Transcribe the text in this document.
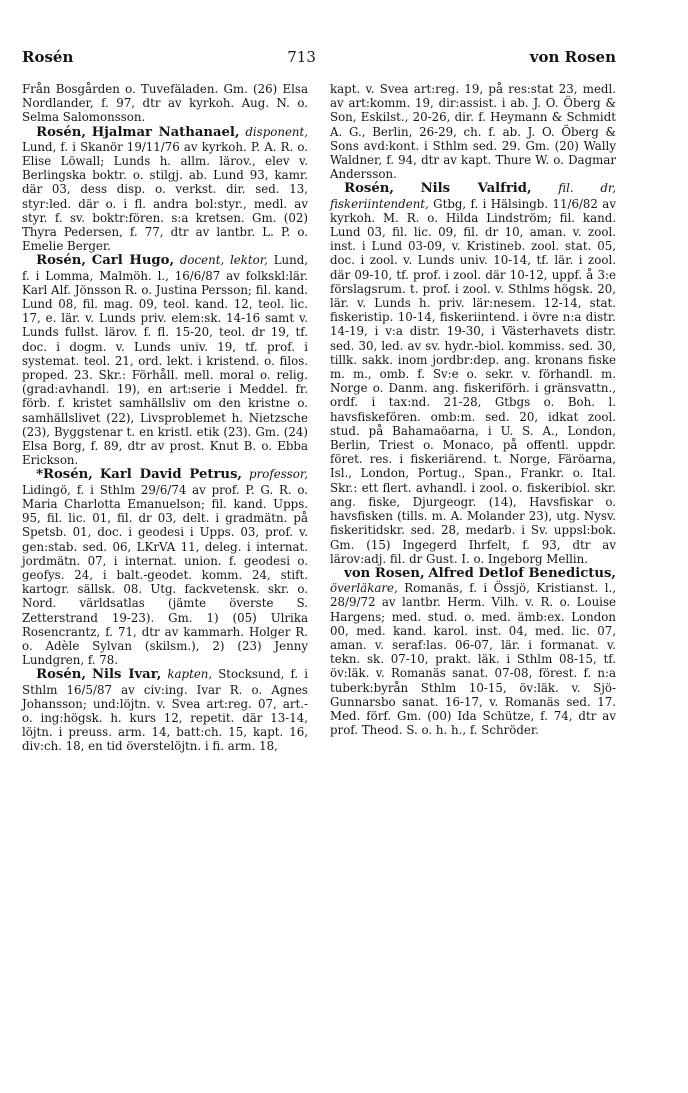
Rosén	713	von Rosen

Från Bosgården o. Tuvefäladen. Gm. (26) Elsa Nordlander, f. 97, dtr av kyrkoh. Aug. N. o. Selma Salomonsson.

Rosén, Hjalmar Nathanael, disponent, Lund, f. i Skanör 19/11/76 av kyrkoh. P. A. R. o. Elise Löwall; Lunds h. allm. lärov., elev v. Berlingska boktr. o. stilgj. ab. Lund 93, kamr. där 03, dess disp. o. verkst. dir. sed. 13, styr:led. där o. i fl. andra bol:styr., medl. av styr. f. sv. boktr:fören. s:a kretsen. Gm. (02) Thyra Pedersen, f. 77, dtr av lantbr. L. P. o. Emelie Berger.

Rosén, Carl Hugo, docent, lektor, Lund, f. i Lomma, Malmöh. l., 16/6/87 av folkskl:lär. Karl Alf. Jönsson R. o. Justina Persson; fil. kand. Lund 08, fil. mag. 09, teol. kand. 12, teol. lic. 17, e. lär. v. Lunds priv. elem:sk. 14-16 samt v. Lunds fullst. lärov. f. fl. 15-20, teol. dr 19, tf. doc. i dogm. v. Lunds univ. 19, tf. prof. i systemat. teol. 21, ord. lekt. i kristend. o. filos. proped. 23. Skr.: Förhåll. mell. moral o. relig. (grad:avhandl. 19), en art:serie i Meddel. fr. förb. f. kristet samhällsliv om den kristne o. samhällslivet (22), Livsproblemet h. Nietzsche (23), Byggstenar t. en kristl. etik (23). Gm. (24) Elsa Borg, f. 89, dtr av prost. Knut B. o. Ebba Erickson.

*Rosén, Karl David Petrus, professor, Lidingö, f. i Sthlm 29/6/74 av prof. P. G. R. o. Maria Charlotta Emanuelson; fil. kand. Upps. 95, fil. lic. 01, fil. dr 03, delt. i gradmätn. på Spetsb. 01, doc. i geodesi i Upps. 03, prof. v. gen:stab. sed. 06, LKrVA 11, deleg. i internat. jordmätn. 07, i internat. union. f. geodesi o. geofys. 24, i balt.-geodet. komm. 24, stift. kartogr. sällsk. 08. Utg. fackvetensk. skr. o. Nord. världsatlas (jämte överste S. Zetterstrand 19-23). Gm. 1) (05) Ulrika Rosencrantz, f. 71, dtr av kammarh. Holger R. o. Adèle Sylvan (skilsm.), 2) (23) Jenny Lundgren, f. 78.

Rosén, Nils Ivar, kapten, Stocksund, f. i Sthlm 16/5/87 av civ:ing. Ivar R. o. Agnes Johansson; und:löjtn. v. Svea art:reg. 07, art.- o. ing:högsk. h. kurs 12, repetit. där 13-14, löjtn. i preuss. arm. 14, batt:ch. 15, kapt. 16, div:ch. 18, en tid överstelöjtn. i fi. arm. 18,

kapt. v. Svea art:reg. 19, på res:stat 23, medl. av art:komm. 19, dir:assist. i ab. J. O. Öberg & Son, Eskilst., 20-26, dir. f. Heymann & Schmidt A. G., Berlin, 26-29, ch. f. ab. J. O. Öberg & Sons avd:kont. i Sthlm sed. 29. Gm. (20) Wally Waldner, f. 94, dtr av kapt. Thure W. o. Dagmar Andersson.

Rosén, Nils Valfrid, fil. dr, fiskeriintendent, Gtbg, f. i Hälsingb. 11/6/82 av kyrkoh. M. R. o. Hilda Lindström; fil. kand. Lund 03, fil. lic. 09, fil. dr 10, aman. v. zool. inst. i Lund 03-09, v. Kristineb. zool. stat. 05, doc. i zool. v. Lunds univ. 10-14, tf. lär. i zool. där 09-10, tf. prof. i zool. där 10-12, uppf. å 3:e förslagsrum. t. prof. i zool. v. Sthlms högsk. 20, lär. v. Lunds h. priv. lär:nesem. 12-14, stat. fiskeristip. 10-14, fiskeriintend. i övre n:a distr. 14-19, i v:a distr. 19-30, i Västerhavets distr. sed. 30, led. av sv. hydr.-biol. kommiss. sed. 30, tillk. sakk. inom jordbr:dep. ang. kronans fiske m. m., omb. f. Sv:e o. sekr. v. förhandl. m. Norge o. Danm. ang. fiskeriförh. i gränsvattn., ordf. i tax:nd. 21-28, Gtbgs o. Boh. l. havsfiskefören. omb:m. sed. 20, idkat zool. stud. på Bahamaöarna, i U. S. A., London, Berlin, Triest o. Monaco, på offentl. uppdr. föret. res. i fiskeriärend. t. Norge, Färöarna, Isl., London, Portug., Span., Frankr. o. Ital. Skr.: ett flert. avhandl. i zool. o. fiskeribiol. skr. ang. fiske, Djurgeogr. (14), Havsfiskar o. havsfisken (tills. m. A. Molander 23), utg. Nysv. fiskeritidskr. sed. 28, medarb. i Sv. uppsl:bok. Gm. (15) Ingegerd Ihrfelt, f. 93, dtr av lärov:adj. fil. dr Gust. I. o. Ingeborg Mellin.

von Rosen, Alfred Detlof Benedictus, överläkare, Romanäs, f. i Össjö, Kristianst. l., 28/9/72 av lantbr. Herm. Vilh. v. R. o. Louise Hargens; med. stud. o. med. ämb:ex. London 00, med. kand. karol. inst. 04, med. lic. 07, aman. v. seraf:las. 06-07, lär. i formanat. v. tekn. sk. 07-10, prakt. läk. i Sthlm 08-15, tf. öv:läk. v. Romanäs sanat. 07-08, förest. f. n:a tuberk:byrån Sthlm 10-15, öv:läk. v. Sjö-Gunnarsbo sanat. 16-17, v. Romanäs sed. 17. Med. förf. Gm. (00) Ida Schütze, f. 74, dtr av prof. Theod. S. o. h. h., f. Schröder.
